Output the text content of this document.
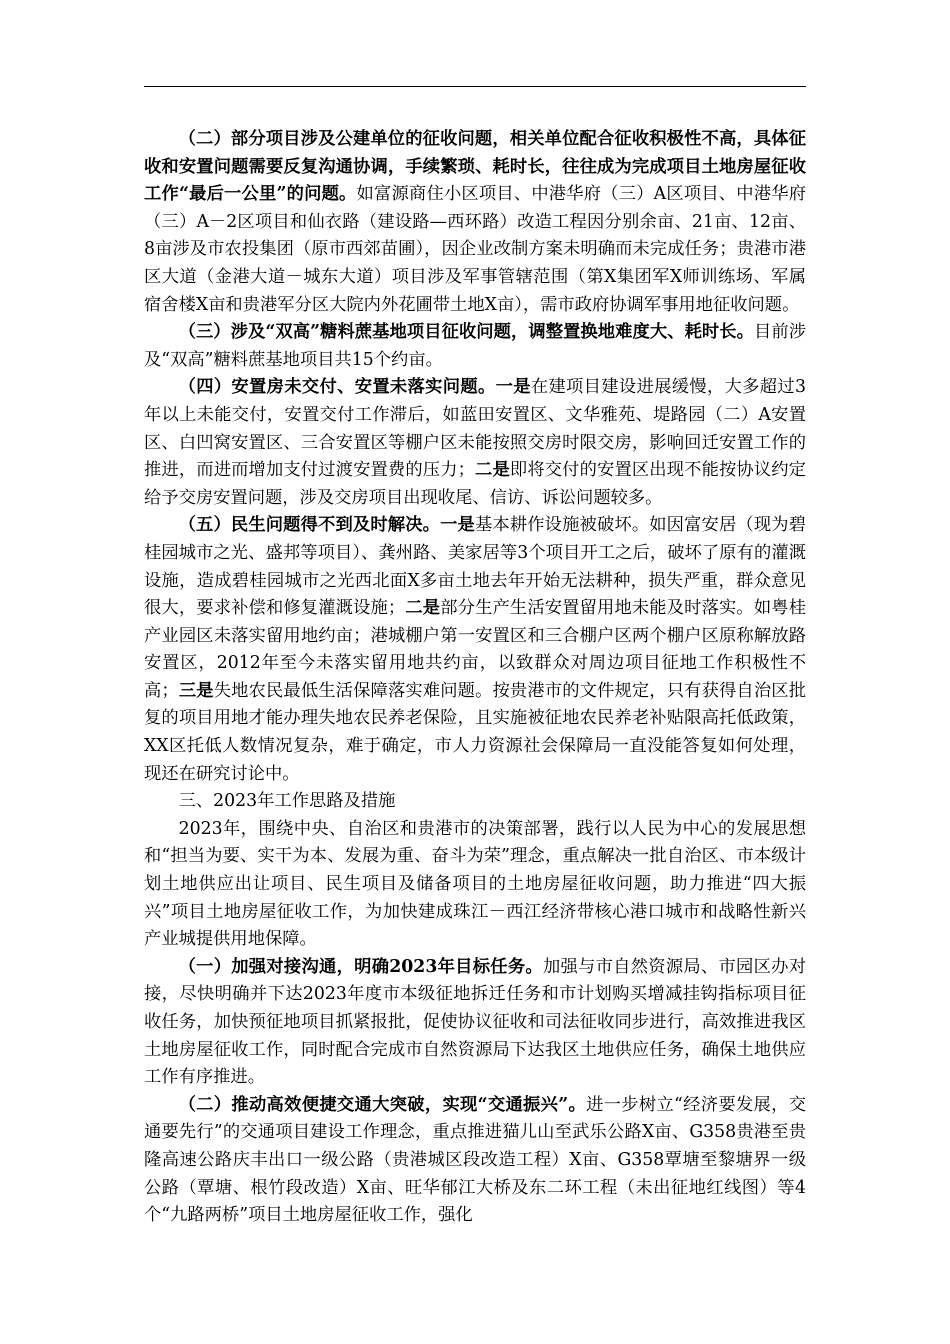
（二）部分项目涉及公建单位的征收问题，相关单位配合征收积极性不高，具体征收和安置问题需要反复沟通协调，手续繁琐、耗时长，往往成为完成项目土地房屋征收工作“最后一公里”的问题。如富源商住小区项目、中港华府（三）A区项目、中港华府（三）A－2区项目和仙衣路（建设路—西环路）改造工程因分别余亩、21亩、12亩、8亩涉及市农投集团（原市西郊苗圃），因企业改制方案未明确而未完成任务；贵港市港区大道（金港大道－城东大道）项目涉及军事管辖范围（第X集团军X师训练场、军属宿舍楼X亩和贵港军分区大院内外花圃带土地X亩），需市政府协调军事用地征收问题。

（三）涉及“双高”糖料蔗基地项目征收问题，调整置换地难度大、耗时长。目前涉及“双高”糖料蔗基地项目共15个约亩。

（四）安置房未交付、安置未落实问题。一是在建项目建设进展缓慢，大多超过3年以上未能交付，安置交付工作滞后，如蓝田安置区、文华雅苑、堤路园（二）A安置区、白凹窝安置区、三合安置区等棚户区未能按照交房时限交房，影响回迁安置工作的推进，而进而增加支付过渡安置费的压力；二是即将交付的安置区出现不能按协议约定给予交房安置问题，涉及交房项目出现收尾、信访、诉讼问题较多。

（五）民生问题得不到及时解决。一是基本耕作设施被破坏。如因富安居（现为碧桂园城市之光、盛邦等项目）、龚州路、美家居等3个项目开工之后，破坏了原有的灌溉设施，造成碧桂园城市之光西北面X多亩土地去年开始无法耕种，损失严重，群众意见很大，要求补偿和修复灌溉设施；二是部分生产生活安置留用地未能及时落实。如粤桂产业园区未落实留用地约亩；港城棚户第一安置区和三合棚户区两个棚户区原称解放路安置区，2012年至今未落实留用地共约亩，以致群众对周边项目征地工作积极性不高；三是失地农民最低生活保障落实难问题。按贵港市的文件规定，只有获得自治区批复的项目用地才能办理失地农民养老保险，且实施被征地农民养老补贴限高托低政策，XX区托低人数情况复杂，难于确定，市人力资源社会保障局一直没能答复如何处理，现还在研究讨论中。

三、2023年工作思路及措施

2023年，围绕中央、自治区和贵港市的决策部署，践行以人民为中心的发展思想和“担当为要、实干为本、发展为重、奋斗为荣”理念，重点解决一批自治区、市本级计划土地供应出让项目、民生项目及储备项目的土地房屋征收问题，助力推进“四大振兴”项目土地房屋征收工作，为加快建成珠江－西江经济带核心港口城市和战略性新兴产业城提供用地保障。

（一）加强对接沟通，明确2023年目标任务。加强与市自然资源局、市园区办对接，尽快明确并下达2023年度市本级征地拆迁任务和市计划购买增减挂钩指标项目征收任务，加快预征地项目抓紧报批，促使协议征收和司法征收同步进行，高效推进我区土地房屋征收工作，同时配合完成市自然资源局下达我区土地供应任务，确保土地供应工作有序推进。

（二）推动高效便捷交通大突破，实现“交通振兴”。进一步树立“经济要发展，交通要先行”的交通项目建设工作理念，重点推进猫儿山至武乐公路X亩、G358贵港至贵隆高速公路庆丰出口一级公路（贵港城区段改造工程）X亩、G358覃塘至黎塘界一级公路（覃塘、根竹段改造）X亩、旺华郁江大桥及东二环工程（未出征地红线图）等4个“九路两桥”项目土地房屋征收工作，强化
